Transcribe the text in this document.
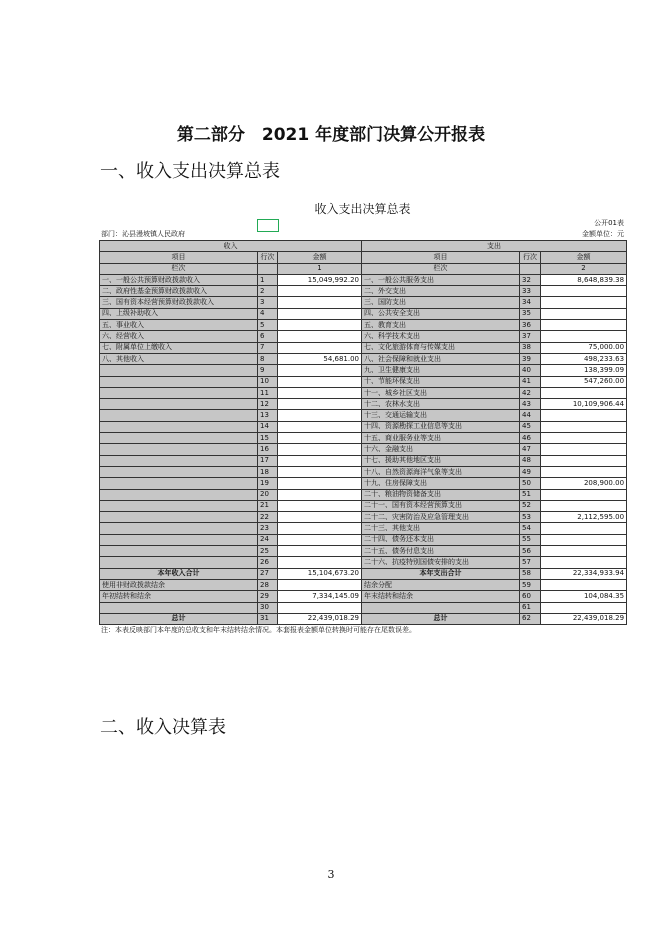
第二部分　2021 年度部门决算公开报表
一、收入支出决算总表
收入支出决算总表
公开01表
部门：沁县漫坡镇人民政府	金额单位：元
收入			支出		
项目	行次	金额	项目	行次	金额
栏次		1	栏次		2
一、一般公共预算财政拨款收入	1	15,049,992.20	一、一般公共服务支出	32	8,648,839.38
二、政府性基金预算财政拨款收入	2		二、外交支出	33	
三、国有资本经营预算财政拨款收入	3		三、国防支出	34	
四、上级补助收入	4		四、公共安全支出	35	
五、事业收入	5		五、教育支出	36	
六、经营收入	6		六、科学技术支出	37	
七、附属单位上缴收入	7		七、文化旅游体育与传媒支出	38	75,000.00
八、其他收入	8	54,681.00	八、社会保障和就业支出	39	498,233.63
	9		九、卫生健康支出	40	138,399.09
	10		十、节能环保支出	41	547,260.00
	11		十一、城乡社区支出	42	
	12		十二、农林水支出	43	10,109,906.44
	13		十三、交通运输支出	44	
	14		十四、资源勘探工业信息等支出	45	
	15		十五、商业服务业等支出	46	
	16		十六、金融支出	47	
	17		十七、援助其他地区支出	48	
	18		十八、自然资源海洋气象等支出	49	
	19		十九、住房保障支出	50	208,900.00
	20		二十、粮油物资储备支出	51	
	21		二十一、国有资本经营预算支出	52	
	22		二十二、灾害防治及应急管理支出	53	2,112,595.00
	23		二十三、其他支出	54	
	24		二十四、债务还本支出	55	
	25		二十五、债务付息支出	56	
	26		二十六、抗疫特别国债安排的支出	57	
本年收入合计	27	15,104,673.20	本年支出合计	58	22,334,933.94
使用非财政拨款结余	28		结余分配	59	
年初结转和结余	29	7,334,145.09	年末结转和结余	60	104,084.35
	30			61	
总计	31	22,439,018.29	总计	62	22,439,018.29
注：本表反映部门本年度的总收支和年末结转结余情况。本套报表金额单位转换时可能存在尾数误差。
二、收入决算表
3
